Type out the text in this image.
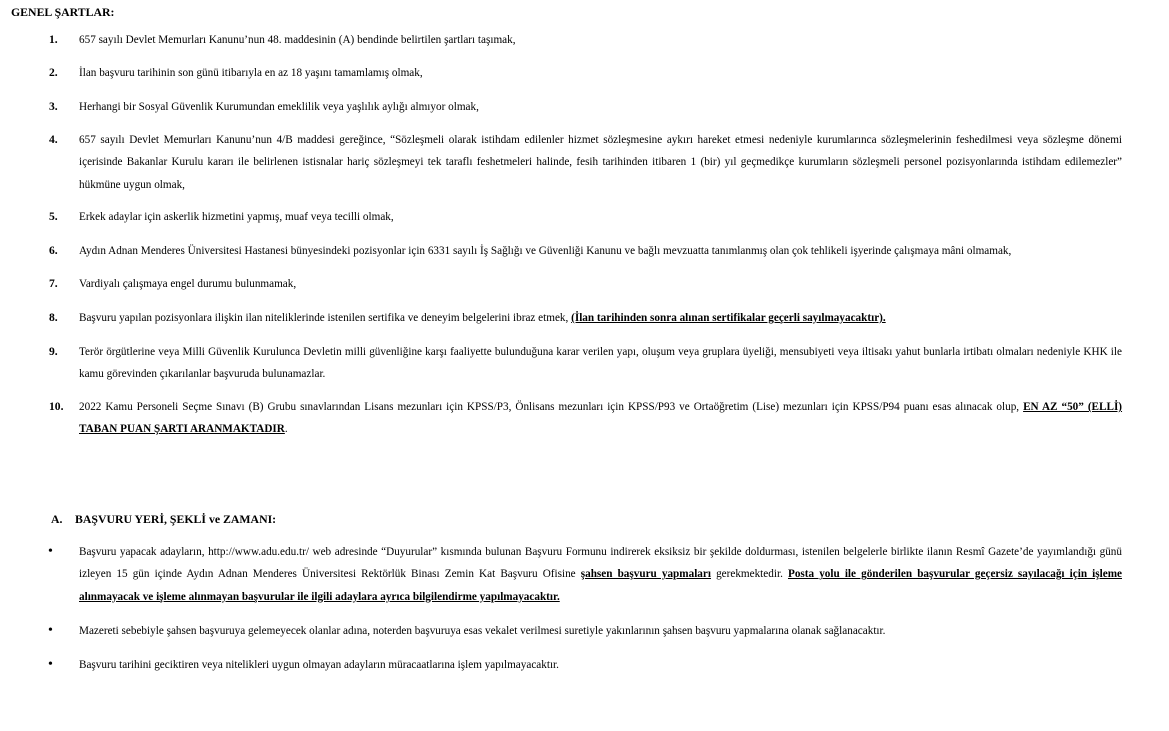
GENEL ŞARTLAR:
1.	657 sayılı Devlet Memurları Kanunu’nun 48. maddesinin (A) bendinde belirtilen şartları taşımak,
2.	İlan başvuru tarihinin son günü itibarıyla en az 18 yaşını tamamlamış olmak,
3.	Herhangi bir Sosyal Güvenlik Kurumundan emeklilik veya yaşlılık aylığı almıyor olmak,
4.	657 sayılı Devlet Memurları Kanunu’nun 4/B maddesi gereğince, “Sözleşmeli olarak istihdam edilenler hizmet sözleşmesine aykırı hareket etmesi nedeniyle kurumlarınca sözleşmelerinin feshedilmesi veya sözleşme dönemi içerisinde Bakanlar Kurulu kararı ile belirlenen istisnalar hariç sözleşmeyi tek taraflı feshetmeleri halinde, fesih tarihinden itibaren 1 (bir) yıl geçmedikçe kurumların sözleşmeli personel pozisyonlarında istihdam edilemezler” hükmüne uygun olmak,
5.	Erkek adaylar için askerlik hizmetini yapmış, muaf veya tecilli olmak,
6.	Aydın Adnan Menderes Üniversitesi Hastanesi bünyesindeki pozisyonlar için 6331 sayılı İş Sağlığı ve Güvenliği Kanunu ve bağlı mevzuatta tanımlanmış olan çok tehlikeli işyerinde çalışmaya mâni olmamak,
7.	Vardiyalı çalışmaya engel durumu bulunmamak,
8.	Başvuru yapılan pozisyonlara ilişkin ilan niteliklerinde istenilen sertifika ve deneyim belgelerini ibraz etmek, (İlan tarihinden sonra alınan sertifikalar geçerli sayılmayacaktır).
9.	Terör örgütlerine veya Milli Güvenlik Kurulunca Devletin milli güvenliğine karşı faaliyette bulunduğuna karar verilen yapı, oluşum veya gruplara üyeliği, mensubiyeti veya iltisakı yahut bunlarla irtibatı olmaları nedeniyle KHK ile kamu görevinden çıkarılanlar başvuruda bulunamazlar.
10.	2022 Kamu Personeli Seçme Sınavı (B) Grubu sınavlarından Lisans mezunları için KPSS/P3, Önlisans mezunları için KPSS/P93 ve Ortaöğretim (Lise) mezunları için KPSS/P94 puanı esas alınacak olup, EN AZ “50” (ELLİ) TABAN PUAN ŞARTI ARANMAKTADIR.
A. BAŞVURU YERİ, ŞEKLİ ve ZAMANI:
• Başvuru yapacak adayların, http://www.adu.edu.tr/ web adresinde “Duyurular” kısmında bulunan Başvuru Formunu indirerek eksiksiz bir şekilde doldurması, istenilen belgelerle birlikte ilanın Resmî Gazete’de yayımlandığı günü izleyen 15 gün içinde Aydın Adnan Menderes Üniversitesi Rektörlük Binası Zemin Kat Başvuru Ofisine şahsen başvuru yapmaları gerekmektedir. Posta yolu ile gönderilen başvurular geçersiz sayılacağı için işleme alınmayacak ve işleme alınmayan başvurular ile ilgili adaylara ayrıca bilgilendirme yapılmayacaktır.
• Mazereti sebebiyle şahsen başvuruya gelemeyecek olanlar adına, noterden başvuruya esas vekalet verilmesi suretiyle yakınlarının şahsen başvuru yapmalarına olanak sağlanacaktır.
• Başvuru tarihini geciktiren veya nitelikleri uygun olmayan adayların müracaatlarına işlem yapılmayacaktır.
